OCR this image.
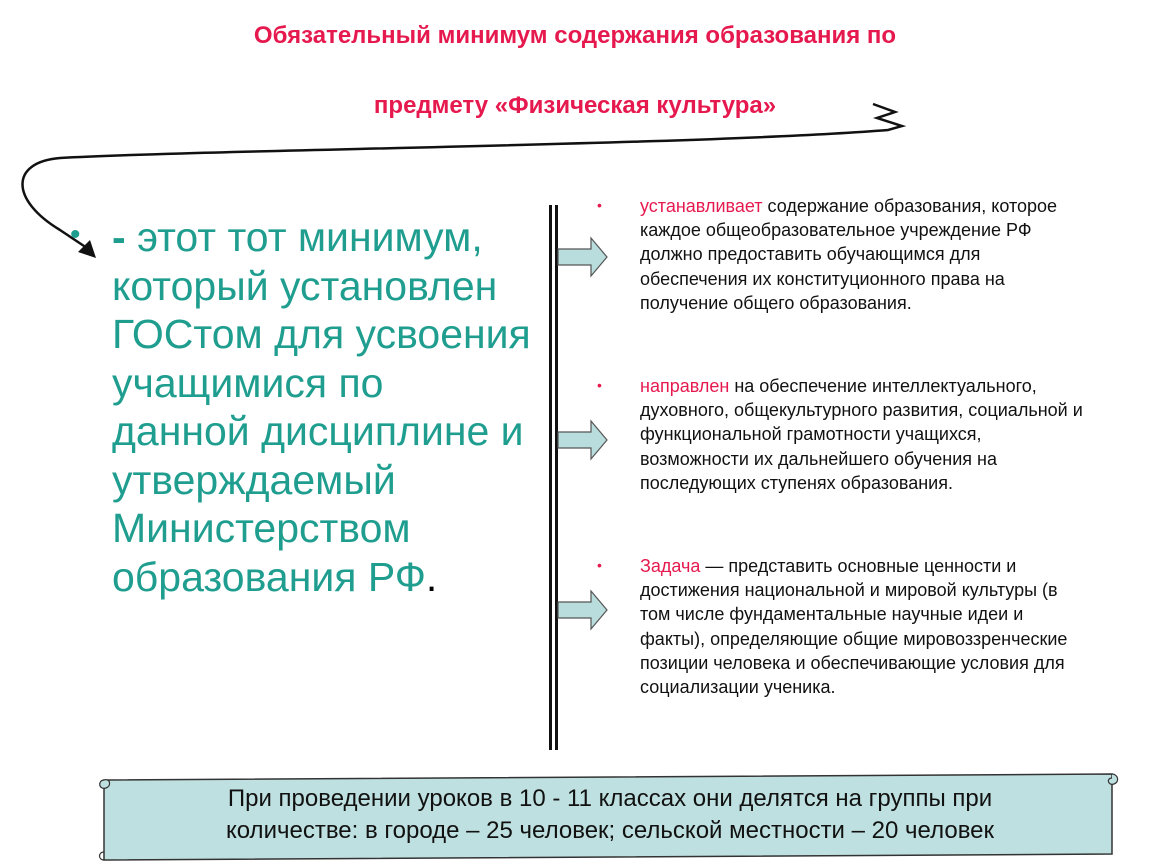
Обязательный минимум содержания образования по
предмету «Физическая культура»
• - этот тот минимум, который установлен ГОСтом для усвоения учащимися по данной дисциплине и утверждаемый Министерством образования РФ.
• устанавливает содержание образования, которое каждое общеобразовательное учреждение РФ должно предоставить обучающимся для обеспечения их конституционного права на получение общего образования.
• направлен на обеспечение интеллектуального, духовного, общекультурного развития, социальной и функциональной грамотности учащихся, возможности их дальнейшего обучения на последующих ступенях образования.
• Задача — представить основные ценности и достижения национальной и мировой культуры (в том числе фундаментальные научные идеи и факты), определяющие общие мировоззренческие позиции человека и обеспечивающие условия для социализации ученика.
При проведении уроков в 10 - 11 классах они делятся на группы при
количестве: в городе – 25 человек; сельской местности – 20 человек
